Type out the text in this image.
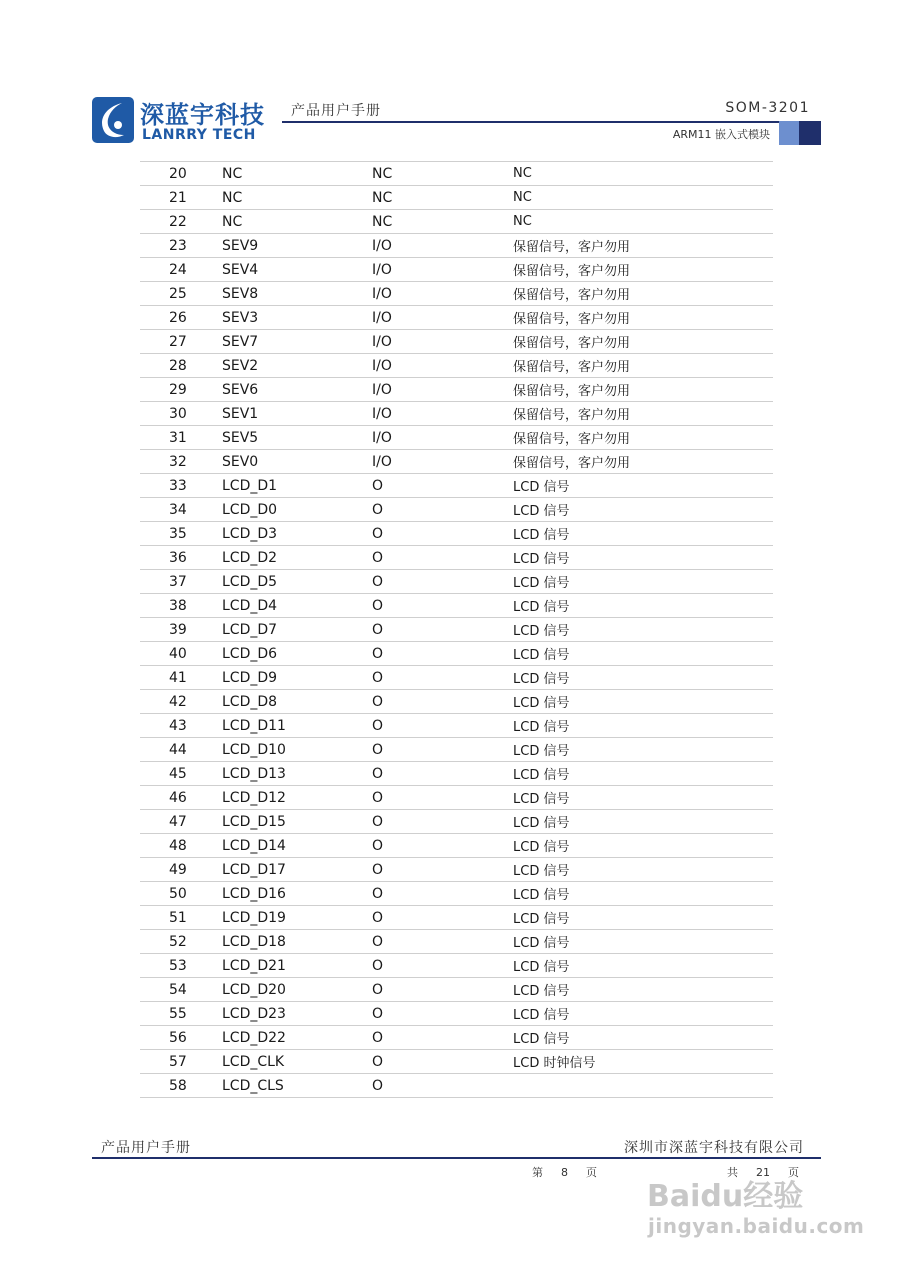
深蓝宇科技
LANRRY TECH
产品用户手册	SOM-3201
ARM11 嵌入式模块
20	NC	NC	NC
21	NC	NC	NC
22	NC	NC	NC
23	SEV9	I/O	保留信号，客户勿用
24	SEV4	I/O	保留信号，客户勿用
25	SEV8	I/O	保留信号，客户勿用
26	SEV3	I/O	保留信号，客户勿用
27	SEV7	I/O	保留信号，客户勿用
28	SEV2	I/O	保留信号，客户勿用
29	SEV6	I/O	保留信号，客户勿用
30	SEV1	I/O	保留信号，客户勿用
31	SEV5	I/O	保留信号，客户勿用
32	SEV0	I/O	保留信号，客户勿用
33	LCD_D1	O	LCD 信号
34	LCD_D0	O	LCD 信号
35	LCD_D3	O	LCD 信号
36	LCD_D2	O	LCD 信号
37	LCD_D5	O	LCD 信号
38	LCD_D4	O	LCD 信号
39	LCD_D7	O	LCD 信号
40	LCD_D6	O	LCD 信号
41	LCD_D9	O	LCD 信号
42	LCD_D8	O	LCD 信号
43	LCD_D11	O	LCD 信号
44	LCD_D10	O	LCD 信号
45	LCD_D13	O	LCD 信号
46	LCD_D12	O	LCD 信号
47	LCD_D15	O	LCD 信号
48	LCD_D14	O	LCD 信号
49	LCD_D17	O	LCD 信号
50	LCD_D16	O	LCD 信号
51	LCD_D19	O	LCD 信号
52	LCD_D18	O	LCD 信号
53	LCD_D21	O	LCD 信号
54	LCD_D20	O	LCD 信号
55	LCD_D23	O	LCD 信号
56	LCD_D22	O	LCD 信号
57	LCD_CLK	O	LCD 时钟信号
58	LCD_CLS	O	
产品用户手册	深圳市深蓝宇科技有限公司
第 8 页	共 21 页
Baidu经验
jingyan.baidu.com
